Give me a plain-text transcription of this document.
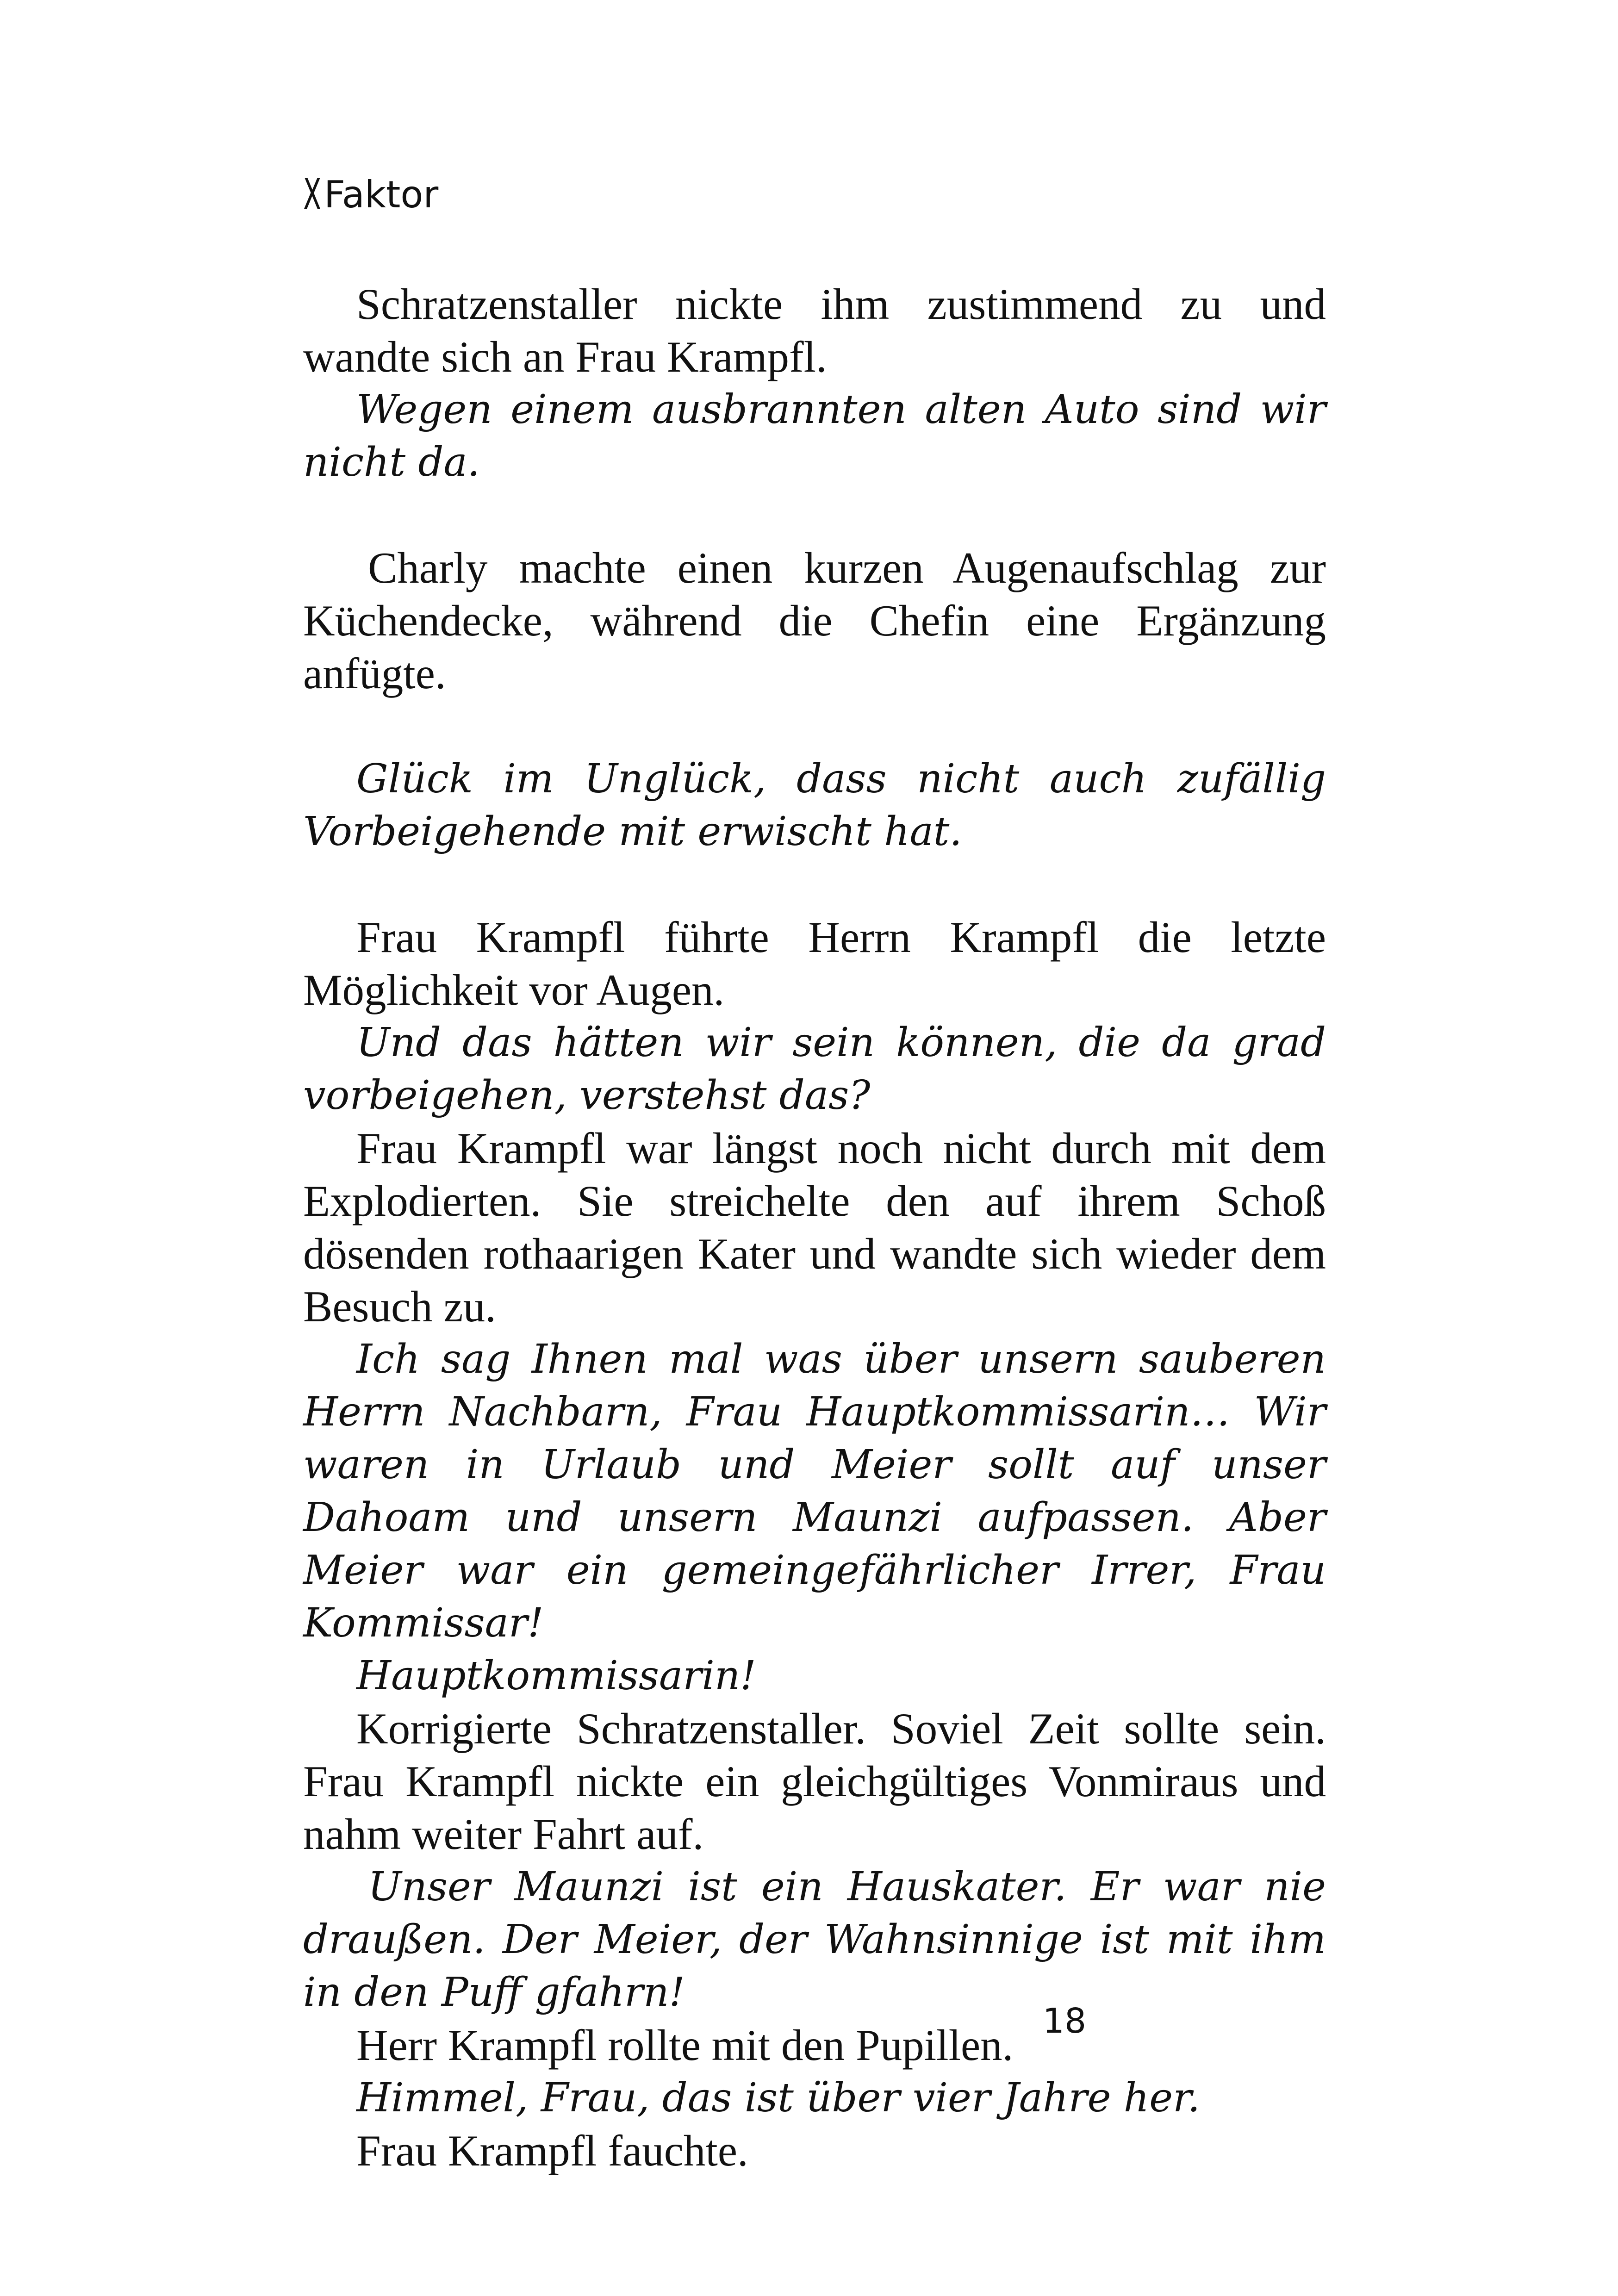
XFaktor

Schratzenstaller nickte ihm zustimmend zu und wandte sich an Frau Krampfl.

Wegen einem ausbrannten alten Auto sind wir nicht da.

Charly machte einen kurzen Augenaufschlag zur Küchendecke, während die Chefin eine Ergänzung anfügte.

Glück im Unglück, dass nicht auch zufällig Vorbeigehende mit erwischt hat.

Frau Krampfl führte Herrn Krampfl die letzte Möglichkeit vor Augen.

Und das hätten wir sein können, die da grad vorbeigehen, verstehst das?

Frau Krampfl war längst noch nicht durch mit dem Explodierten. Sie streichelte den auf ihrem Schoß dösenden rothaarigen Kater und wandte sich wieder dem Besuch zu.

Ich sag Ihnen mal was über unsern sauberen Herrn Nachbarn, Frau Hauptkommissarin… Wir waren in Urlaub und Meier sollt auf unser Dahoam und unsern Maunzi aufpassen. Aber Meier war ein gemeingefährlicher Irrer, Frau Kommissar!

Hauptkommissarin!

Korrigierte Schratzenstaller. Soviel Zeit sollte sein. Frau Krampfl nickte ein gleichgültiges Vonmiraus und nahm weiter Fahrt auf.

Unser Maunzi ist ein Hauskater. Er war nie draußen. Der Meier, der Wahnsinnige ist mit ihm in den Puff gfahrn!

Herr Krampfl rollte mit den Pupillen.

Himmel, Frau, das ist über vier Jahre her.

Frau Krampfl fauchte.

18
